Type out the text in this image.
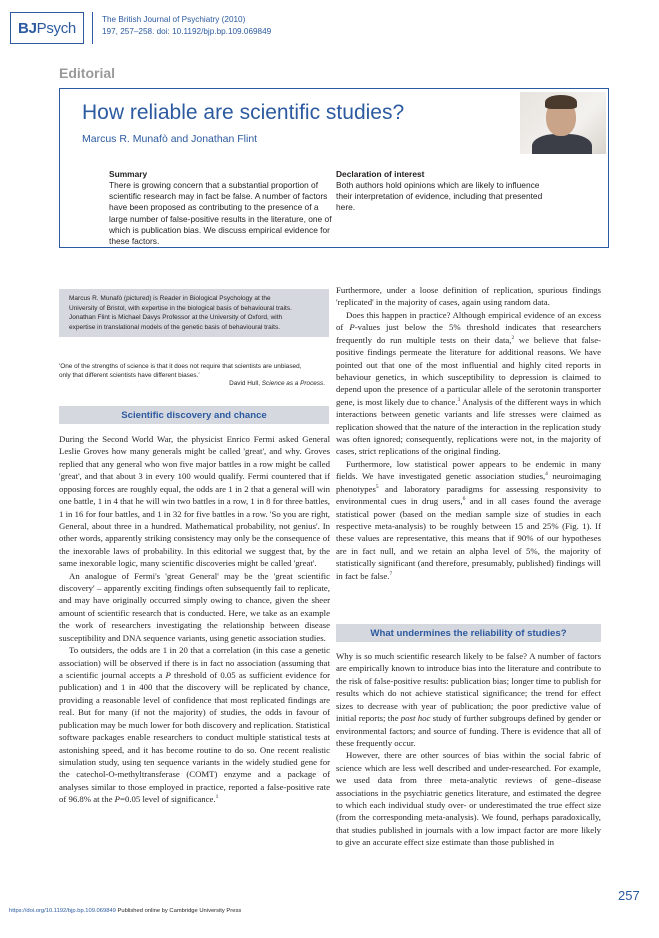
BJ Psych	The British Journal of Psychiatry (2010)
197, 257–258. doi: 10.1192/bjp.bp.109.069849
Editorial
How reliable are scientific studies?
Marcus R. Munafò and Jonathan Flint
Summary
There is growing concern that a substantial proportion of
scientific research may in fact be false. A number of factors
have been proposed as contributing to the presence of a
large number of false-positive results in the literature, one of
which is publication bias. We discuss empirical evidence for
these factors.
Declaration of interest
Both authors hold opinions which are likely to influence
their interpretation of evidence, including that presented
here.
Marcus R. Munafò (pictured) is Reader in Biological Psychology at the
University of Bristol, with expertise in the biological basis of behavioural traits.
Jonathan Flint is Michael Davys Professor at the University of Oxford, with
expertise in translational models of the genetic basis of behavioural traits.
'One of the strengths of science is that it does not require that scientists are unbiased,
only that different scientists have different biases.'
David Hull, Science as a Process.
Scientific discovery and chance
What undermines the reliability of studies?

During the Second World War, the physicist Enrico Fermi asked General Leslie Groves how many generals might be called 'great', and why. Groves replied that any general who won five major battles in a row might be called 'great', and that about 3 in every 100 would qualify. Fermi countered that if opposing forces are roughly equal, the odds are 1 in 2 that a general will win one battle, 1 in 4 that he will win two battles in a row, 1 in 8 for three battles, 1 in 16 for four battles, and 1 in 32 for five battles in a row. 'So you are right, General, about three in a hundred. Mathematical probability, not genius'. In other words, apparently striking consistency may only be the consequence of the inexorable laws of probability. In this editorial we suggest that, by the same inexorable logic, many scientific discoveries might be called 'great'.

An analogue of Fermi's 'great General' may be the 'great scientific discovery' – apparently exciting findings often subsequently fail to replicate, and may have originally occurred simply owing to chance, given the sheer amount of scientific research that is conducted. Here, we take as an example the work of researchers investigating the relationship between disease susceptibility and DNA sequence variants, using genetic association studies.

To outsiders, the odds are 1 in 20 that a correlation (in this case a genetic association) will be observed if there is in fact no association (assuming that a scientific journal accepts a P threshold of 0.05 as sufficient evidence for publication) and 1 in 400 that the discovery will be replicated by chance, providing a reasonable level of confidence that most replicated findings are real. But for many (if not the majority) of studies, the odds in favour of publication may be much lower for both discovery and replication. Statistical software packages enable researchers to conduct multiple statistical tests at astonishing speed, and it has become routine to do so. One recent realistic simulation study, using ten sequence variants in the widely studied gene for the catechol-O-methyltransferase (COMT) enzyme and a package of analyses similar to those employed in practice, reported a false-positive rate of 96.8% at the P=0.05 level of significance.$^1$

Furthermore, under a loose definition of replication, spurious findings 'replicated' in the majority of cases, again using random data.

Does this happen in practice? Although empirical evidence of an excess of P-values just below the 5% threshold indicates that researchers frequently do run multiple tests on their data,$^2$ we believe that false-positive findings permeate the literature for additional reasons. We have pointed out that one of the most influential and highly cited reports in behaviour genetics, in which susceptibility to depression is claimed to depend upon the presence of a particular allele of the serotonin transporter gene, is most likely due to chance.$^3$ Analysis of the different ways in which interactions between genetic variants and life stresses were claimed as replication showed that the nature of the interaction in the replication study was often ignored; consequently, replications were not, in the majority of cases, strict replications of the original finding.

Furthermore, low statistical power appears to be endemic in many fields. We have investigated genetic association studies,$^4$ neuroimaging phenotypes$^5$ and laboratory paradigms for assessing responsivity to environmental cues in drug users,$^6$ and in all cases found the average statistical power (based on the median sample size of studies in each respective meta-analysis) to be roughly between 15 and 25% (Fig. 1). If these values are representative, this means that if 90% of our hypotheses are in fact null, and we retain an alpha level of 5%, the majority of statistically significant (and therefore, presumably, published) findings will in fact be false.$^7$

Why is so much scientific research likely to be false? A number of factors are empirically known to introduce bias into the literature and contribute to the risk of false-positive results: publication bias; longer time to publish for results which do not achieve statistical significance; the trend for effect sizes to decrease with year of publication; the poor predictive value of initial reports; the post hoc study of further subgroups defined by gender or environmental factors; and source of funding. There is evidence that all of these frequently occur.

However, there are other sources of bias within the social fabric of science which are less well described and under-researched. For example, we used data from three meta-analytic reviews of gene–disease associations in the psychiatric genetics literature, and estimated the degree to which each individual study over- or underestimated the true effect size (from the corresponding meta-analysis). We found, perhaps paradoxically, that studies published in journals with a low impact factor are more likely to give an accurate effect size estimate than those published in

257
https://doi.org/10.1192/bjp.bp.109.069849 Published online by Cambridge University Press
